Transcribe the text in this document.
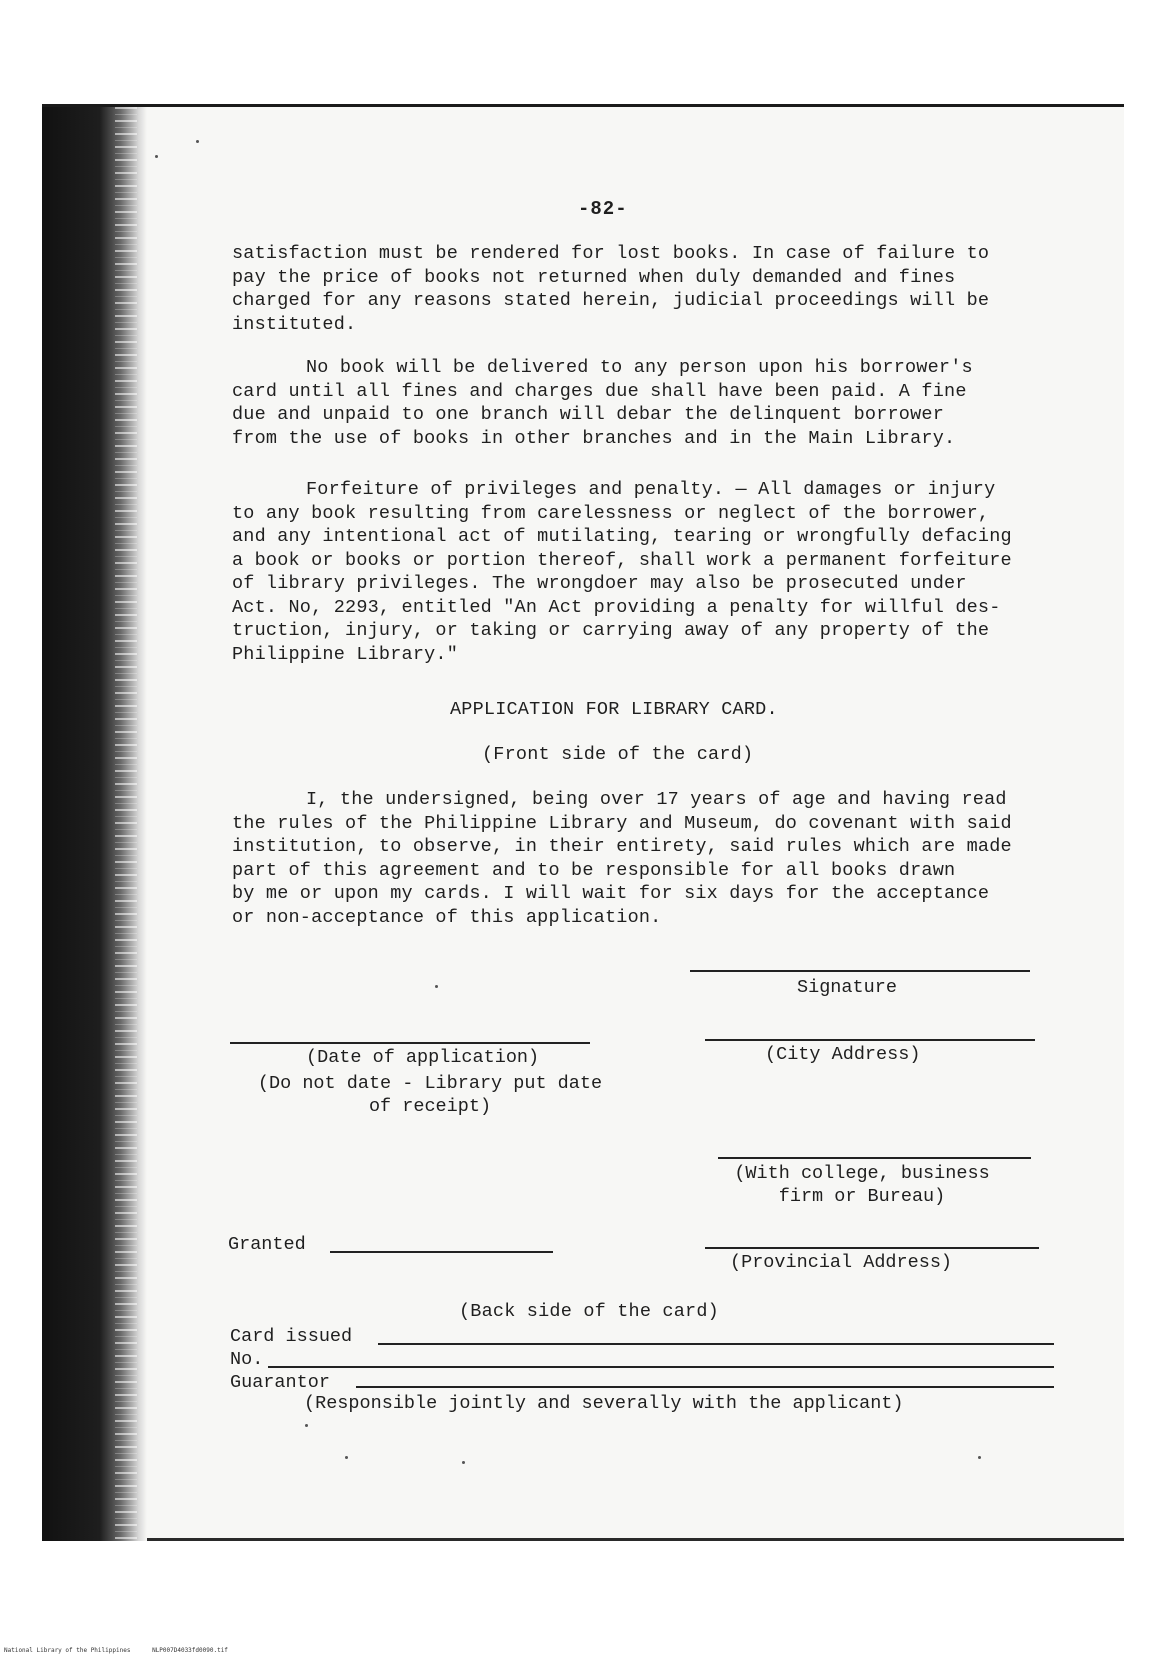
-82-

satisfaction must be rendered for lost books. In case of failure to
pay the price of books not returned when duly demanded and fines
charged for any reasons stated herein, judicial proceedings will be
instituted.

No book will be delivered to any person upon his borrower's
card until all fines and charges due shall have been paid. A fine
due and unpaid to one branch will debar the delinquent borrower
from the use of books in other branches and in the Main Library.

Forfeiture of privileges and penalty. — All damages or injury
to any book resulting from carelessness or neglect of the borrower,
and any intentional act of mutilating, tearing or wrongfully defacing
a book or books or portion thereof, shall work a permanent forfeiture
of library privileges. The wrongdoer may also be prosecuted under
Act. No, 2293, entitled "An Act providing a penalty for willful des-
truction, injury, or taking or carrying away of any property of the
Philippine Library."

APPLICATION FOR LIBRARY CARD.
(Front side of the card)

I, the undersigned, being over 17 years of age and having read
the rules of the Philippine Library and Museum, do covenant with said
institution, to observe, in their entirety, said rules which are made
part of this agreement and to be responsible for all books drawn
by me or upon my cards. I will wait for six days for the acceptance
or non-acceptance of this application.

Signature
(Date of application)
(Do not date - Library put date
of receipt)
(City Address)
(With college, business
firm or Bureau)
Granted
(Provincial Address)
(Back side of the card)
Card issued
No.
Guarantor
(Responsible jointly and severally with the applicant)
National Library of the Philippines	NLP007D4033fd0090.tif
